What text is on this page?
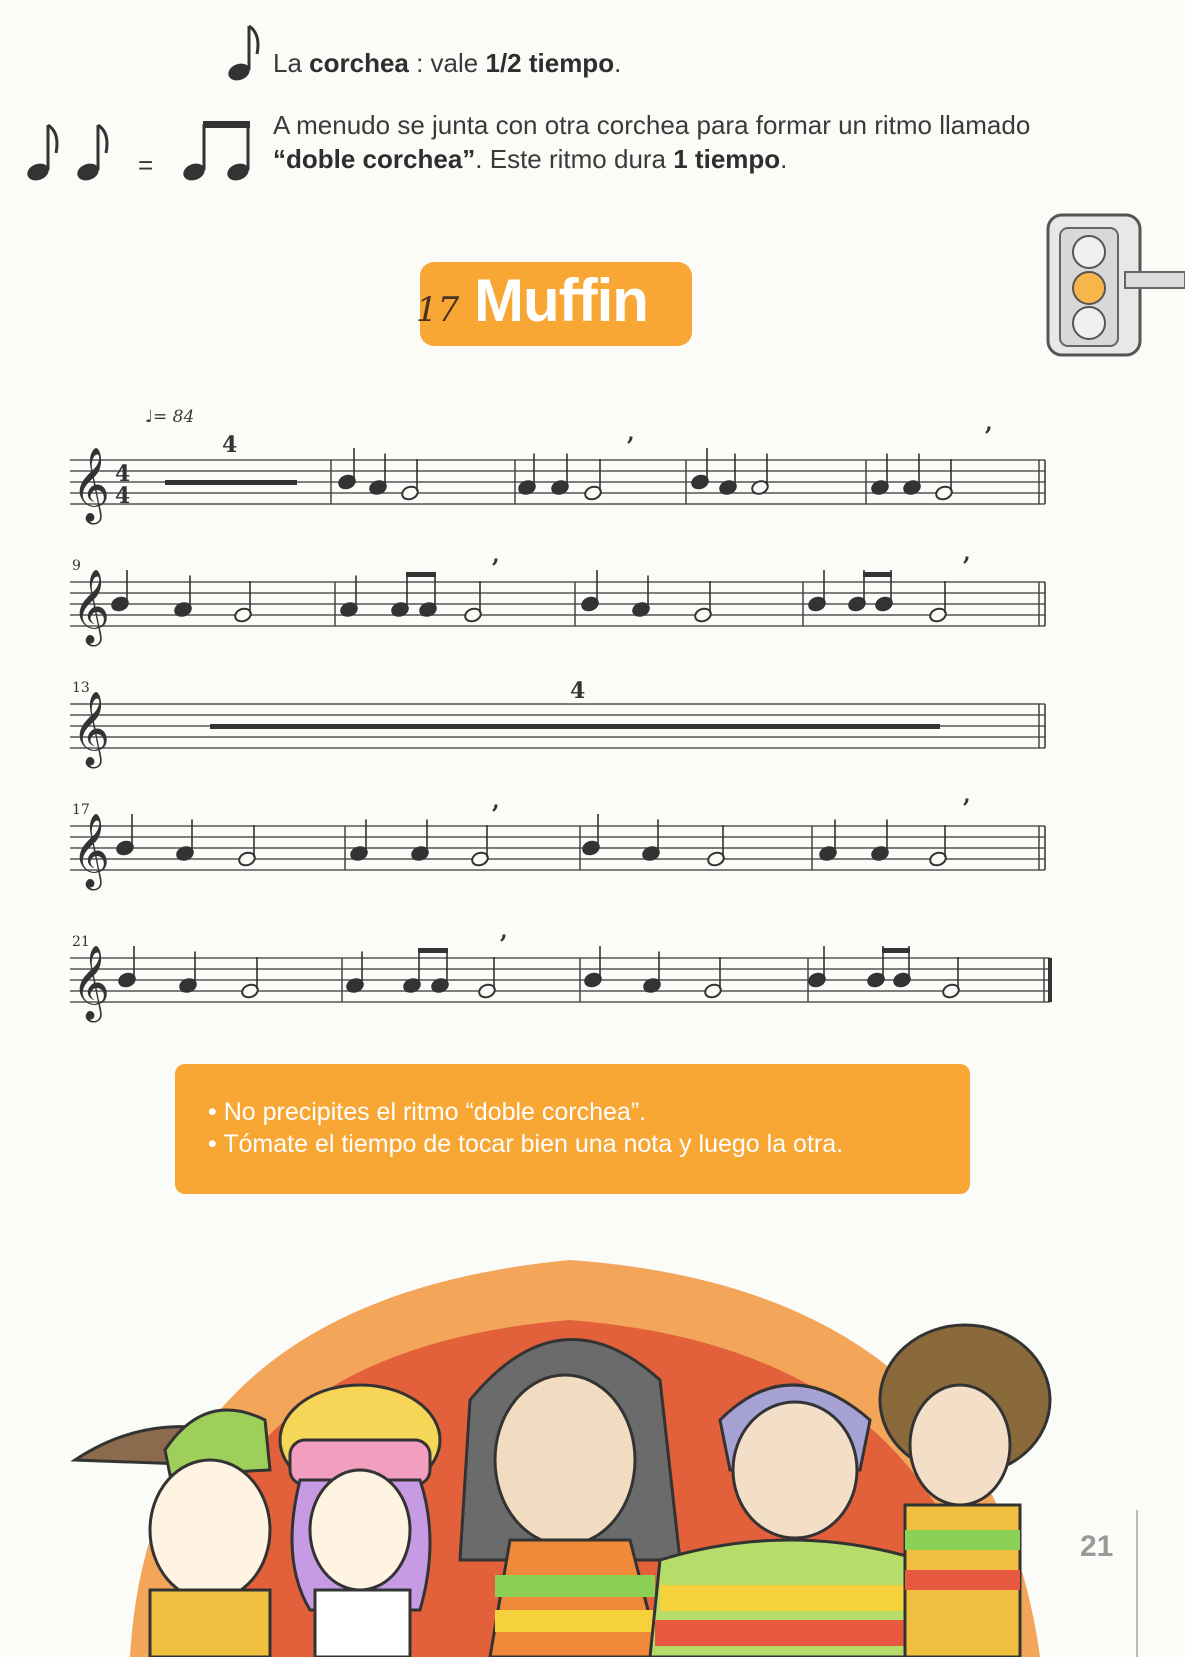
La corchea : vale 1/2 tiempo.
A menudo se junta con otra corchea para formar un ritmo llamado “doble corchea”. Este ritmo dura 1 tiempo.
17 Muffin
♩= 84
=
𝄞
𝄞
9
𝄞
13
𝄞
17
𝄞
21
4
4
4
4
,	,
,	,
,	,
,
• No precipites el ritmo “doble corchea”.
• Tómate el tiempo de tocar bien una nota y luego la otra.
21
